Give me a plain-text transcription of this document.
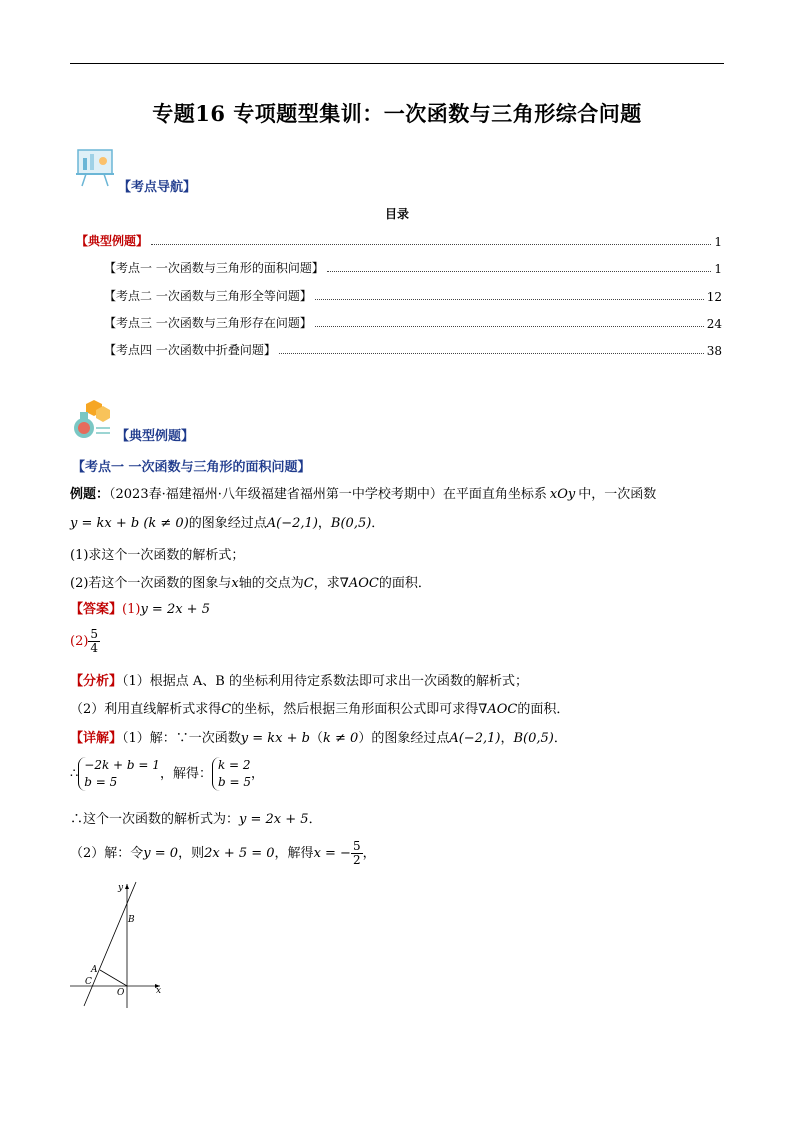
专题16 专项题型集训：一次函数与三角形综合问题
【考点导航】
目录
【典型例题】	1
【考点一 一次函数与三角形的面积问题】	1
【考点二 一次函数与三角形全等问题】	12
【考点三 一次函数与三角形存在问题】	24
【考点四 一次函数中折叠问题】	38
【典型例题】
【考点一 一次函数与三角形的面积问题】
例题：（2023春·福建福州·八年级福建省福州第一中学校考期中）在平面直角坐标系 xOy 中，一次函数
y = kx + b (k ≠ 0)的图象经过点A(−2,1)，B(0,5)．
(1)求这个一次函数的解析式；
(2)若这个一次函数的图象与x轴的交点为C，求∇AOC的面积．
【答案】(1)y = 2x + 5
$(2) \frac{5}{4}$
【分析】（1）根据点 A、B 的坐标利用待定系数法即可求出一次函数的解析式；
（2）利用直线解析式求得C的坐标，然后根据三角形面积公式即可求得∇AOC的面积．
【详解】（1）解：∵一次函数y = kx + b（k ≠ 0）的图象经过点A(−2,1)，B(0,5)．
∴
−2k + b = 1
b = 5
，解得：
k = 2
b = 5
，
∴这个一次函数的解析式为：y = 2x + 5．
（2）解：令y = 0，则2x + 5 = 0，解得x = − $\frac{5}{2}$ ，
y
x
B
A
C
O
